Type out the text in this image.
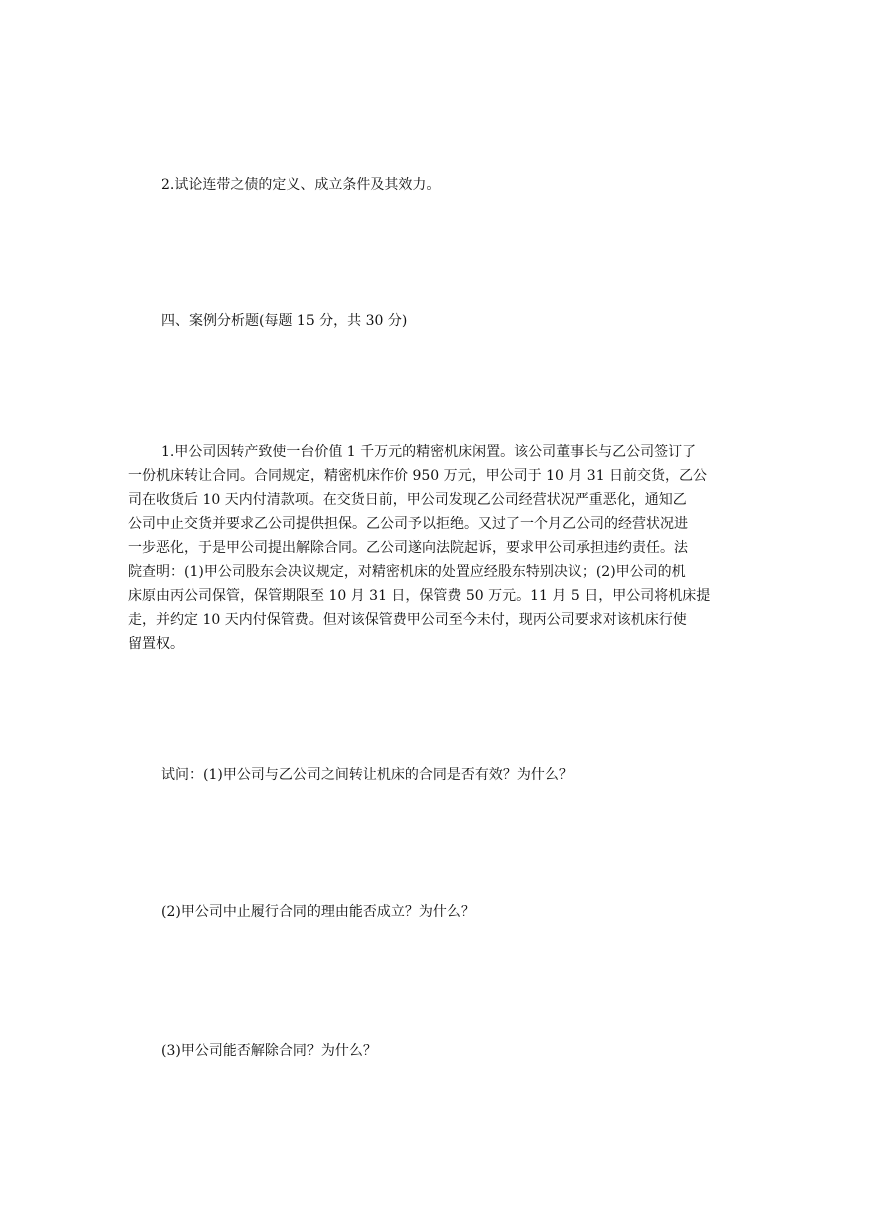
2.试论连带之债的定义、成立条件及其效力。
四、案例分析题(每题 15 分，共 30 分)
1.甲公司因转产致使一台价值 1 千万元的精密机床闲置。该公司董事长与乙公司签订了
一份机床转让合同。合同规定，精密机床作价 950 万元，甲公司于 10 月 31 日前交货，乙公
司在收货后 10 天内付清款项。在交货日前，甲公司发现乙公司经营状况严重恶化，通知乙
公司中止交货并要求乙公司提供担保。乙公司予以拒绝。又过了一个月乙公司的经营状况进
一步恶化，于是甲公司提出解除合同。乙公司遂向法院起诉，要求甲公司承担违约责任。法
院查明：(1)甲公司股东会决议规定，对精密机床的处置应经股东特别决议；(2)甲公司的机
床原由丙公司保管，保管期限至 10 月 31 日，保管费 50 万元。11 月 5 日，甲公司将机床提
走，并约定 10 天内付保管费。但对该保管费甲公司至今未付，现丙公司要求对该机床行使
留置权。
试问：(1)甲公司与乙公司之间转让机床的合同是否有效？为什么？
(2)甲公司中止履行合同的理由能否成立？为什么？
(3)甲公司能否解除合同？为什么？
